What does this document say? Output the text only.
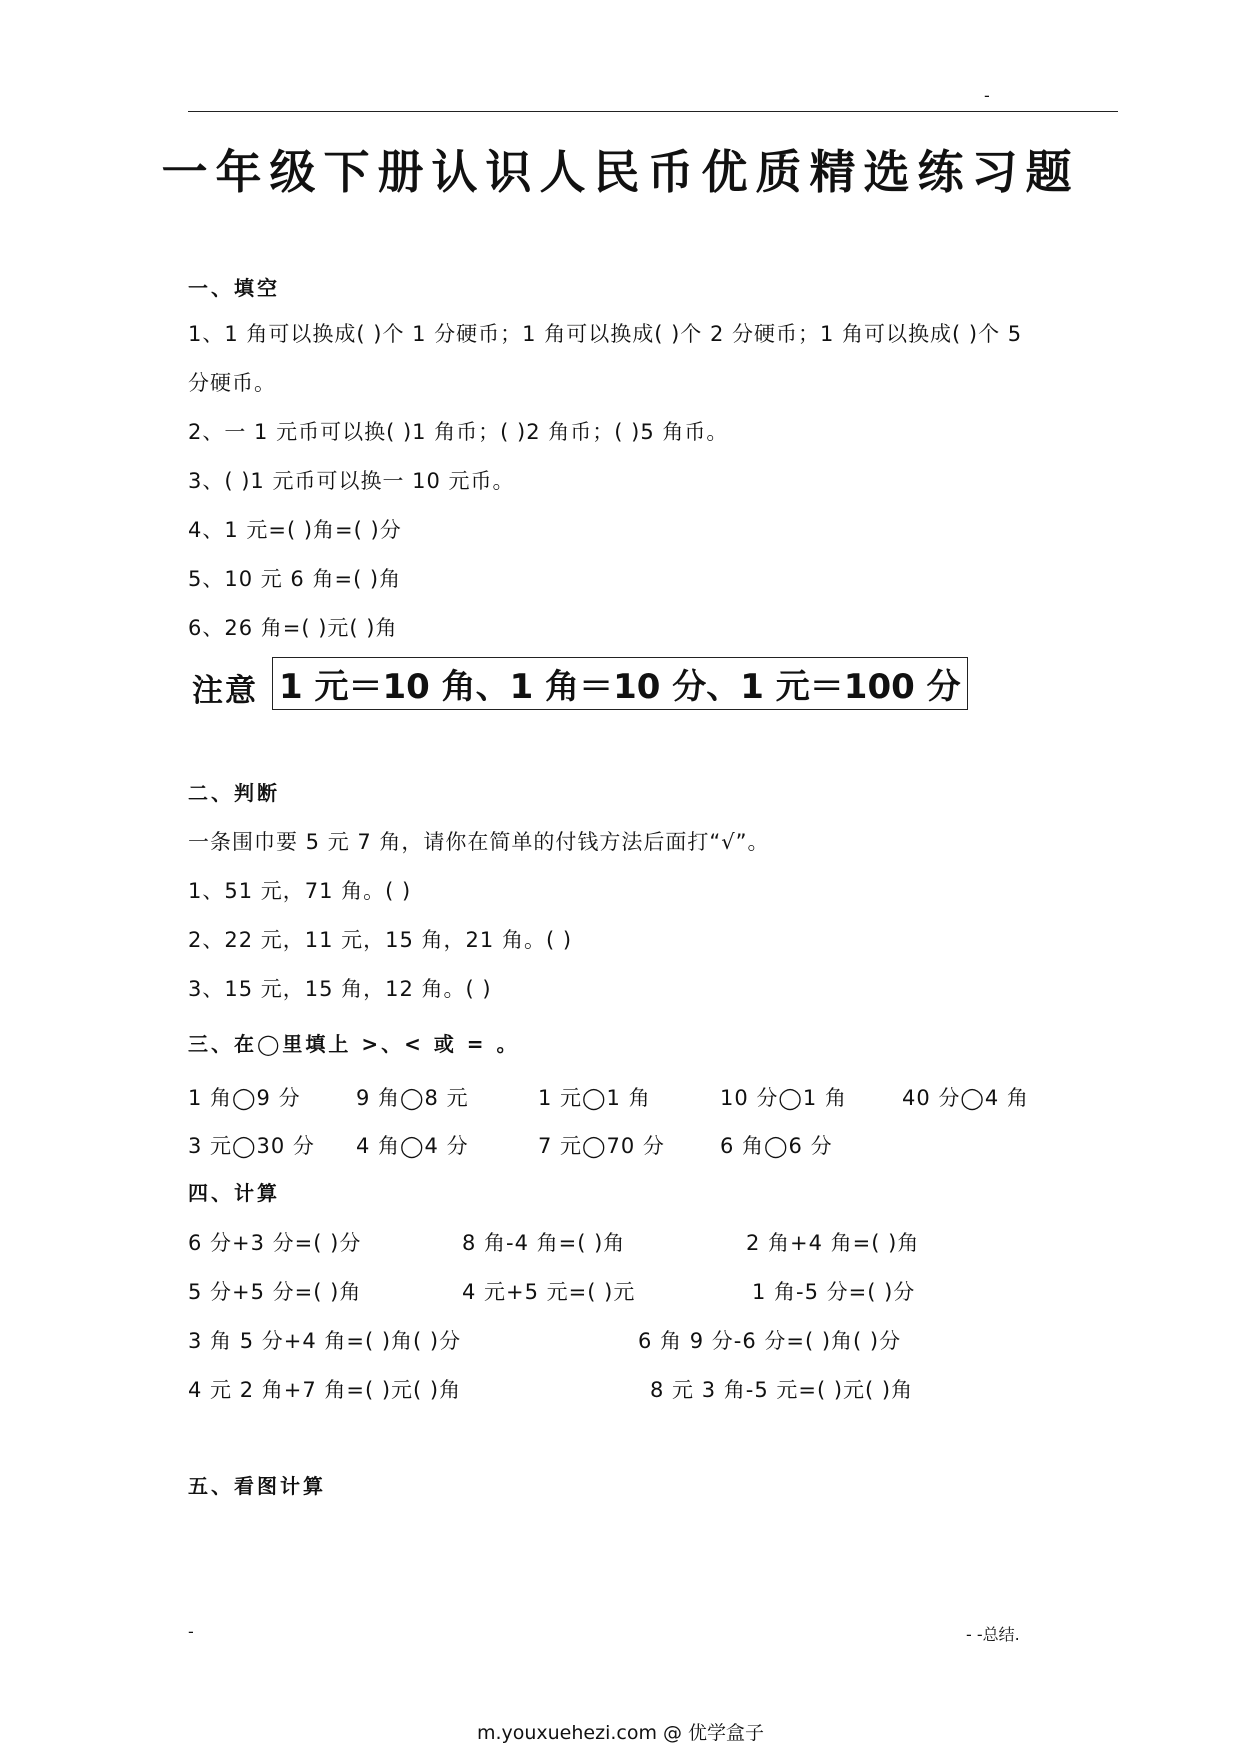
-
一年级下册认识人民币优质精选练习题
一、填空
1、1 角可以换成( )个 1 分硬币；1 角可以换成( )个 2 分硬币；1 角可以换成( )个 5
分硬币。
2、一 1 元币可以换( )1 角币；( )2 角币；( )5 角币。
3、( )1 元币可以换一 10 元币。
4、1 元=( )角=( )分
5、10 元 6 角=( )角
6、26 角=( )元( )角
注意 1 元＝10 角、1 角＝10 分、1 元＝100 分
二、判断
一条围巾要 5 元 7 角，请你在简单的付钱方法后面打“√”。
1、51 元，71 角。( )
2、22 元，11 元，15 角，21 角。( )
3、15 元，15 角，12 角。( )
三、在◯里填上 >、< 或 = 。
1 角◯9 分	9 角◯8 元	1 元◯1 角	10 分◯1 角	40 分◯4 角
3 元◯30 分 4 角◯4 分	7 元◯70 分	6 角◯6 分
四、计算
6 分+3 分=( )分	8 角-4 角=( )角	2 角+4 角=( )角
5 分+5 分=( )角	4 元+5 元=( )元	1 角-5 分=( )分
3 角 5 分+4 角=( )角( )分	6 角 9 分-6 分=( )角( )分
4 元 2 角+7 角=( )元( )角	8 元 3 角-5 元=( )元( )角
五、看图计算
-	- -总结.
m.youxuehezi.com @ 优学盒子
